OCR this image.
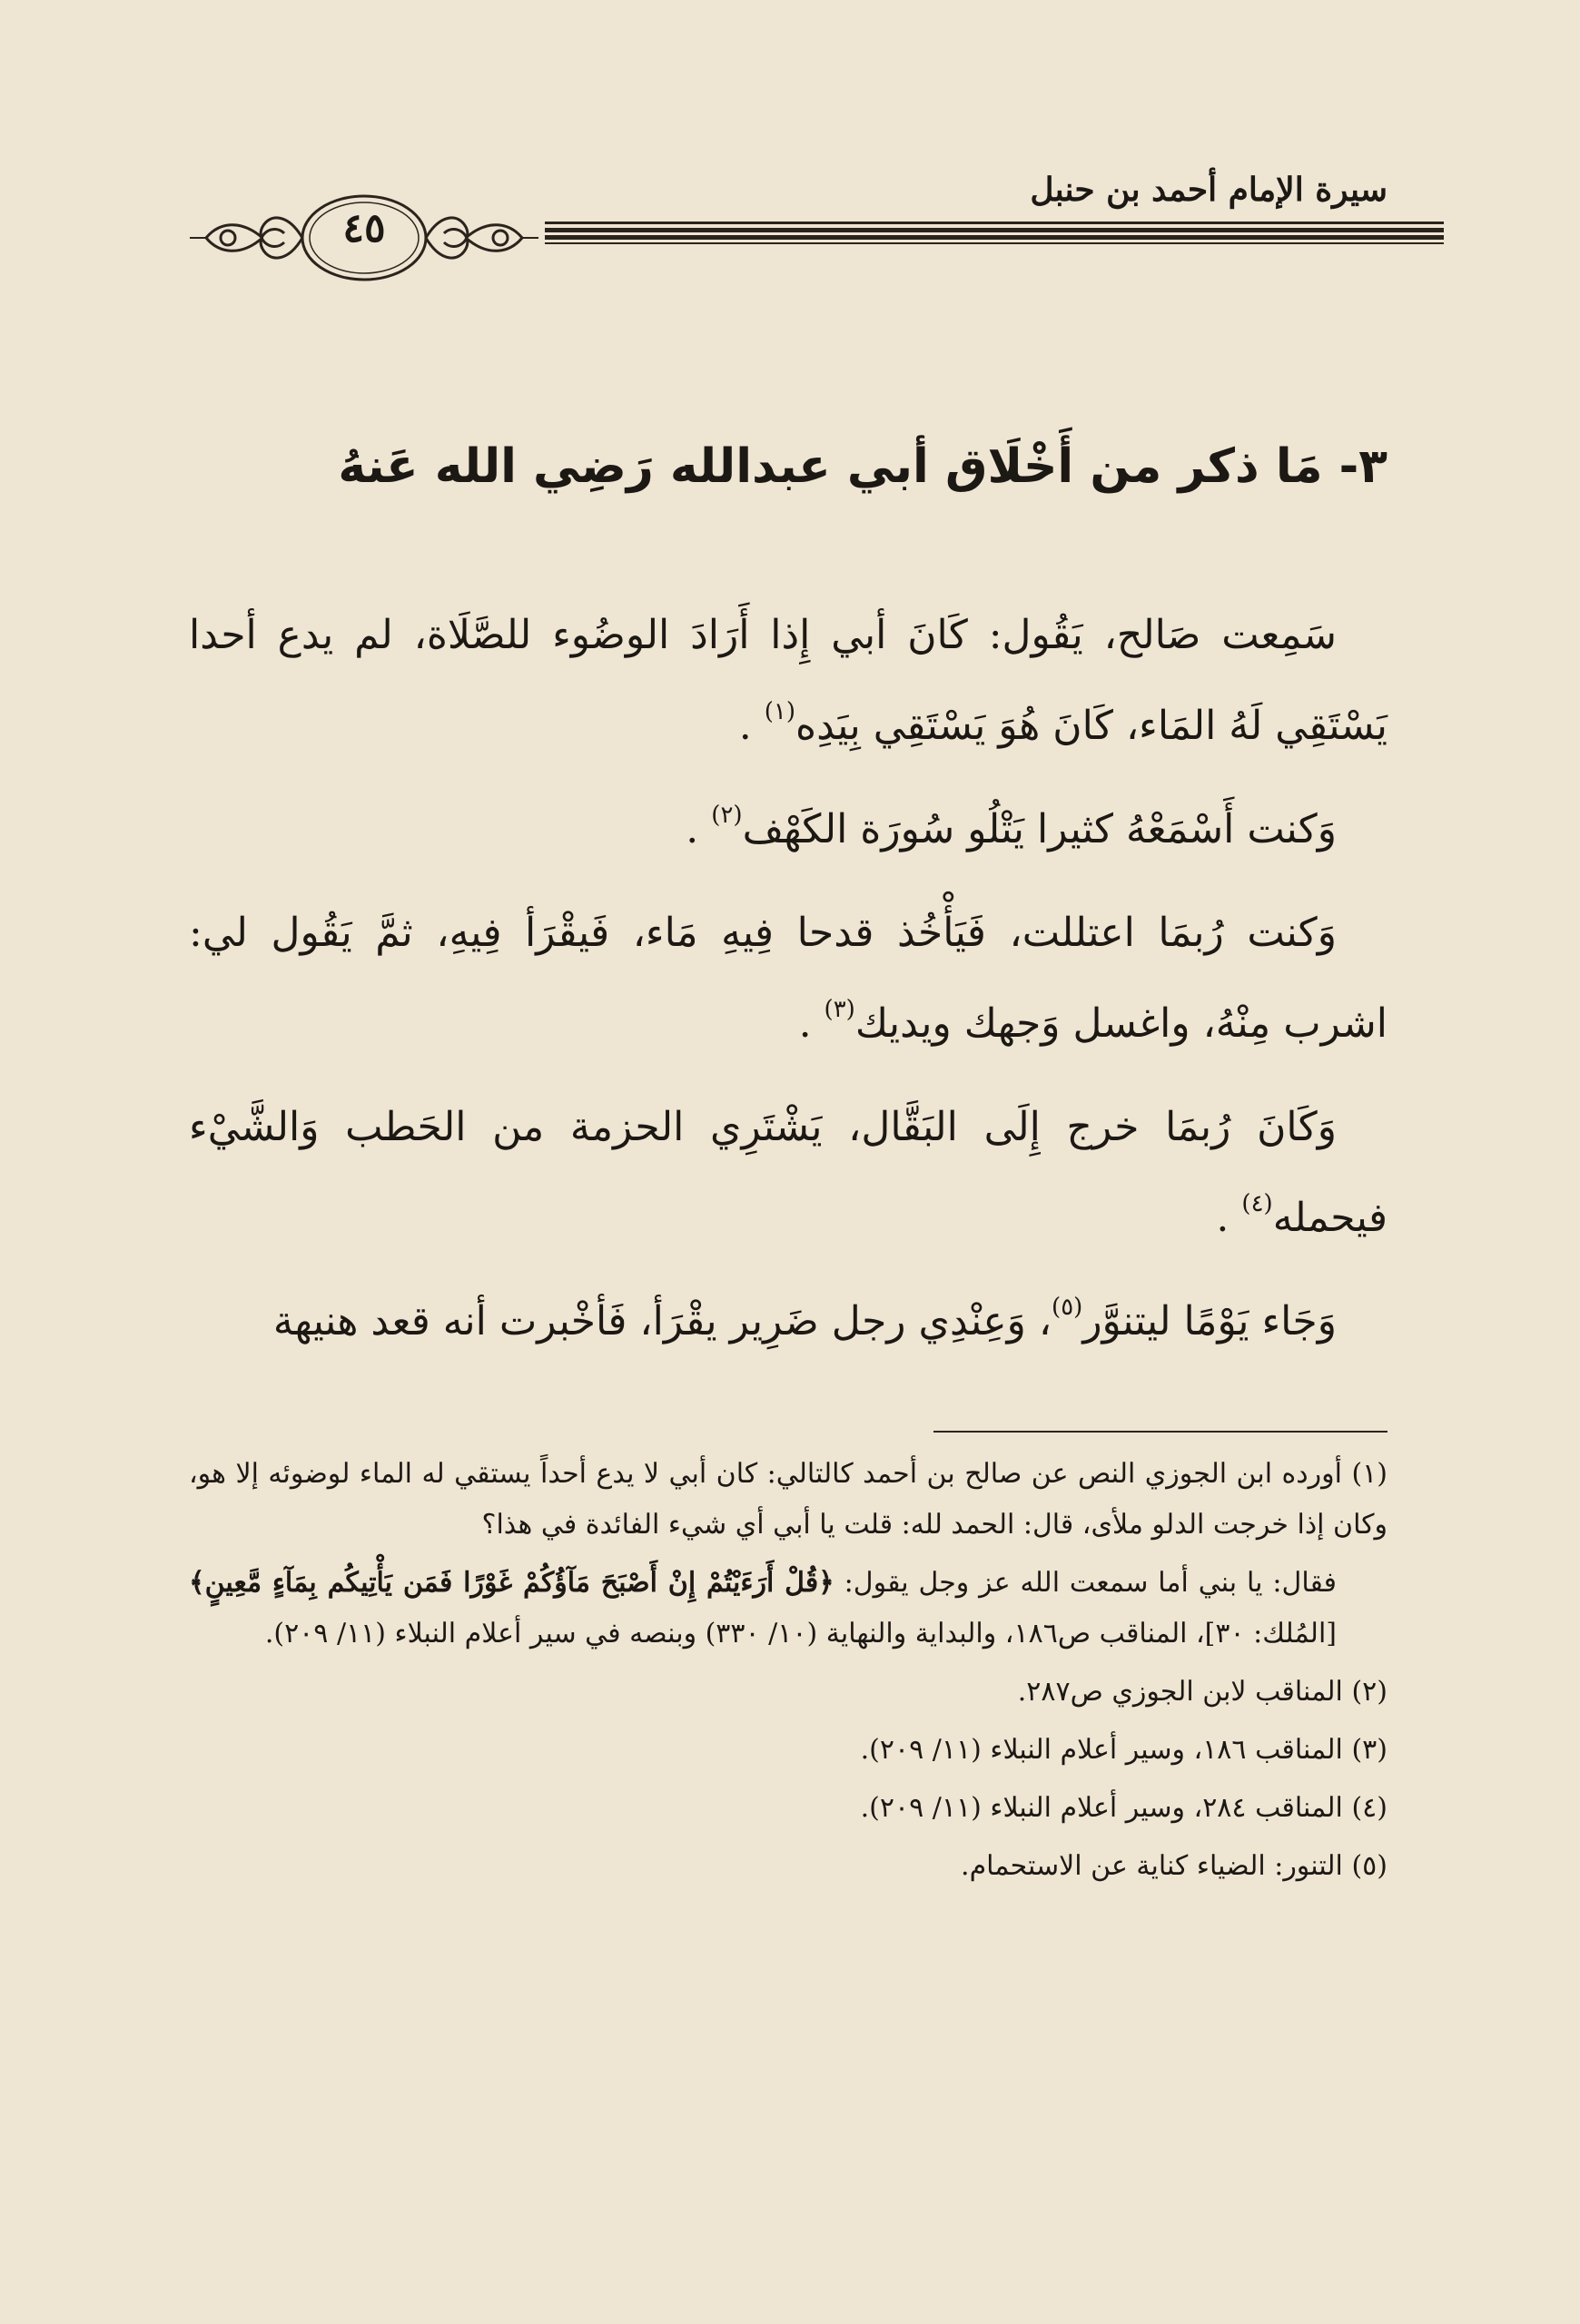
سيرة الإمام أحمد بن حنبل
٤٥
٣- مَا ذكر من أَخْلَاق أبي عبدالله رَضِي الله عَنهُ

سَمِعت صَالح، يَقُول: كَانَ أبي إِذا أَرَادَ الوضُوء للصَّلَاة، لم يدع أحدا يَسْتَقِي لَهُ المَاء، كَانَ هُوَ يَسْتَقِي بِيَدِه$^{(١)}$ .

وَكنت أَسْمَعْهُ كثيرا يَتْلُو سُورَة الكَهْف$^{(٢)}$ .

وَكنت رُبمَا اعتللت، فَيَأْخُذ قدحا فِيهِ مَاء، فَيقْرَأ فِيهِ، ثمَّ يَقُول لي: اشرب مِنْهُ، واغسل وَجهك ويديك$^{(٣)}$ .

وَكَانَ رُبمَا خرج إِلَى البَقَّال، يَشْتَرِي الحزمة من الحَطب وَالشَّيْء فيحمله$^{(٤)}$ .

وَجَاء يَوْمًا ليتنوَّر$^{(٥)}$، وَعِنْدِي رجل ضَرِير يقْرَأ، فَأخْبرت أنه قعد هنيهة

(١) أورده ابن الجوزي النص عن صالح بن أحمد كالتالي: كان أبي لا يدع أحداً يستقي له الماء لوضوئه إلا هو، وكان إذا خرجت الدلو ملأى، قال: الحمد لله: قلت يا أبي أي شيء الفائدة في هذا؟

فقال: يا بني أما سمعت الله عز وجل يقول: ﴿قُلْ أَرَءَيْتُمْ إِنْ أَصْبَحَ مَآؤُكُمْ غَوْرًا فَمَن يَأْتِيكُم بِمَآءٍ مَّعِينٍ﴾ [المُلك: ٣٠]، المناقب ص١٨٦، والبداية والنهاية (١٠/ ٣٣٠) وبنصه في سير أعلام النبلاء (١١/ ٢٠٩).

(٢) المناقب لابن الجوزي ص٢٨٧.

(٣) المناقب ١٨٦، وسير أعلام النبلاء (١١/ ٢٠٩).

(٤) المناقب ٢٨٤، وسير أعلام النبلاء (١١/ ٢٠٩).

(٥) التنور: الضياء كناية عن الاستحمام.
